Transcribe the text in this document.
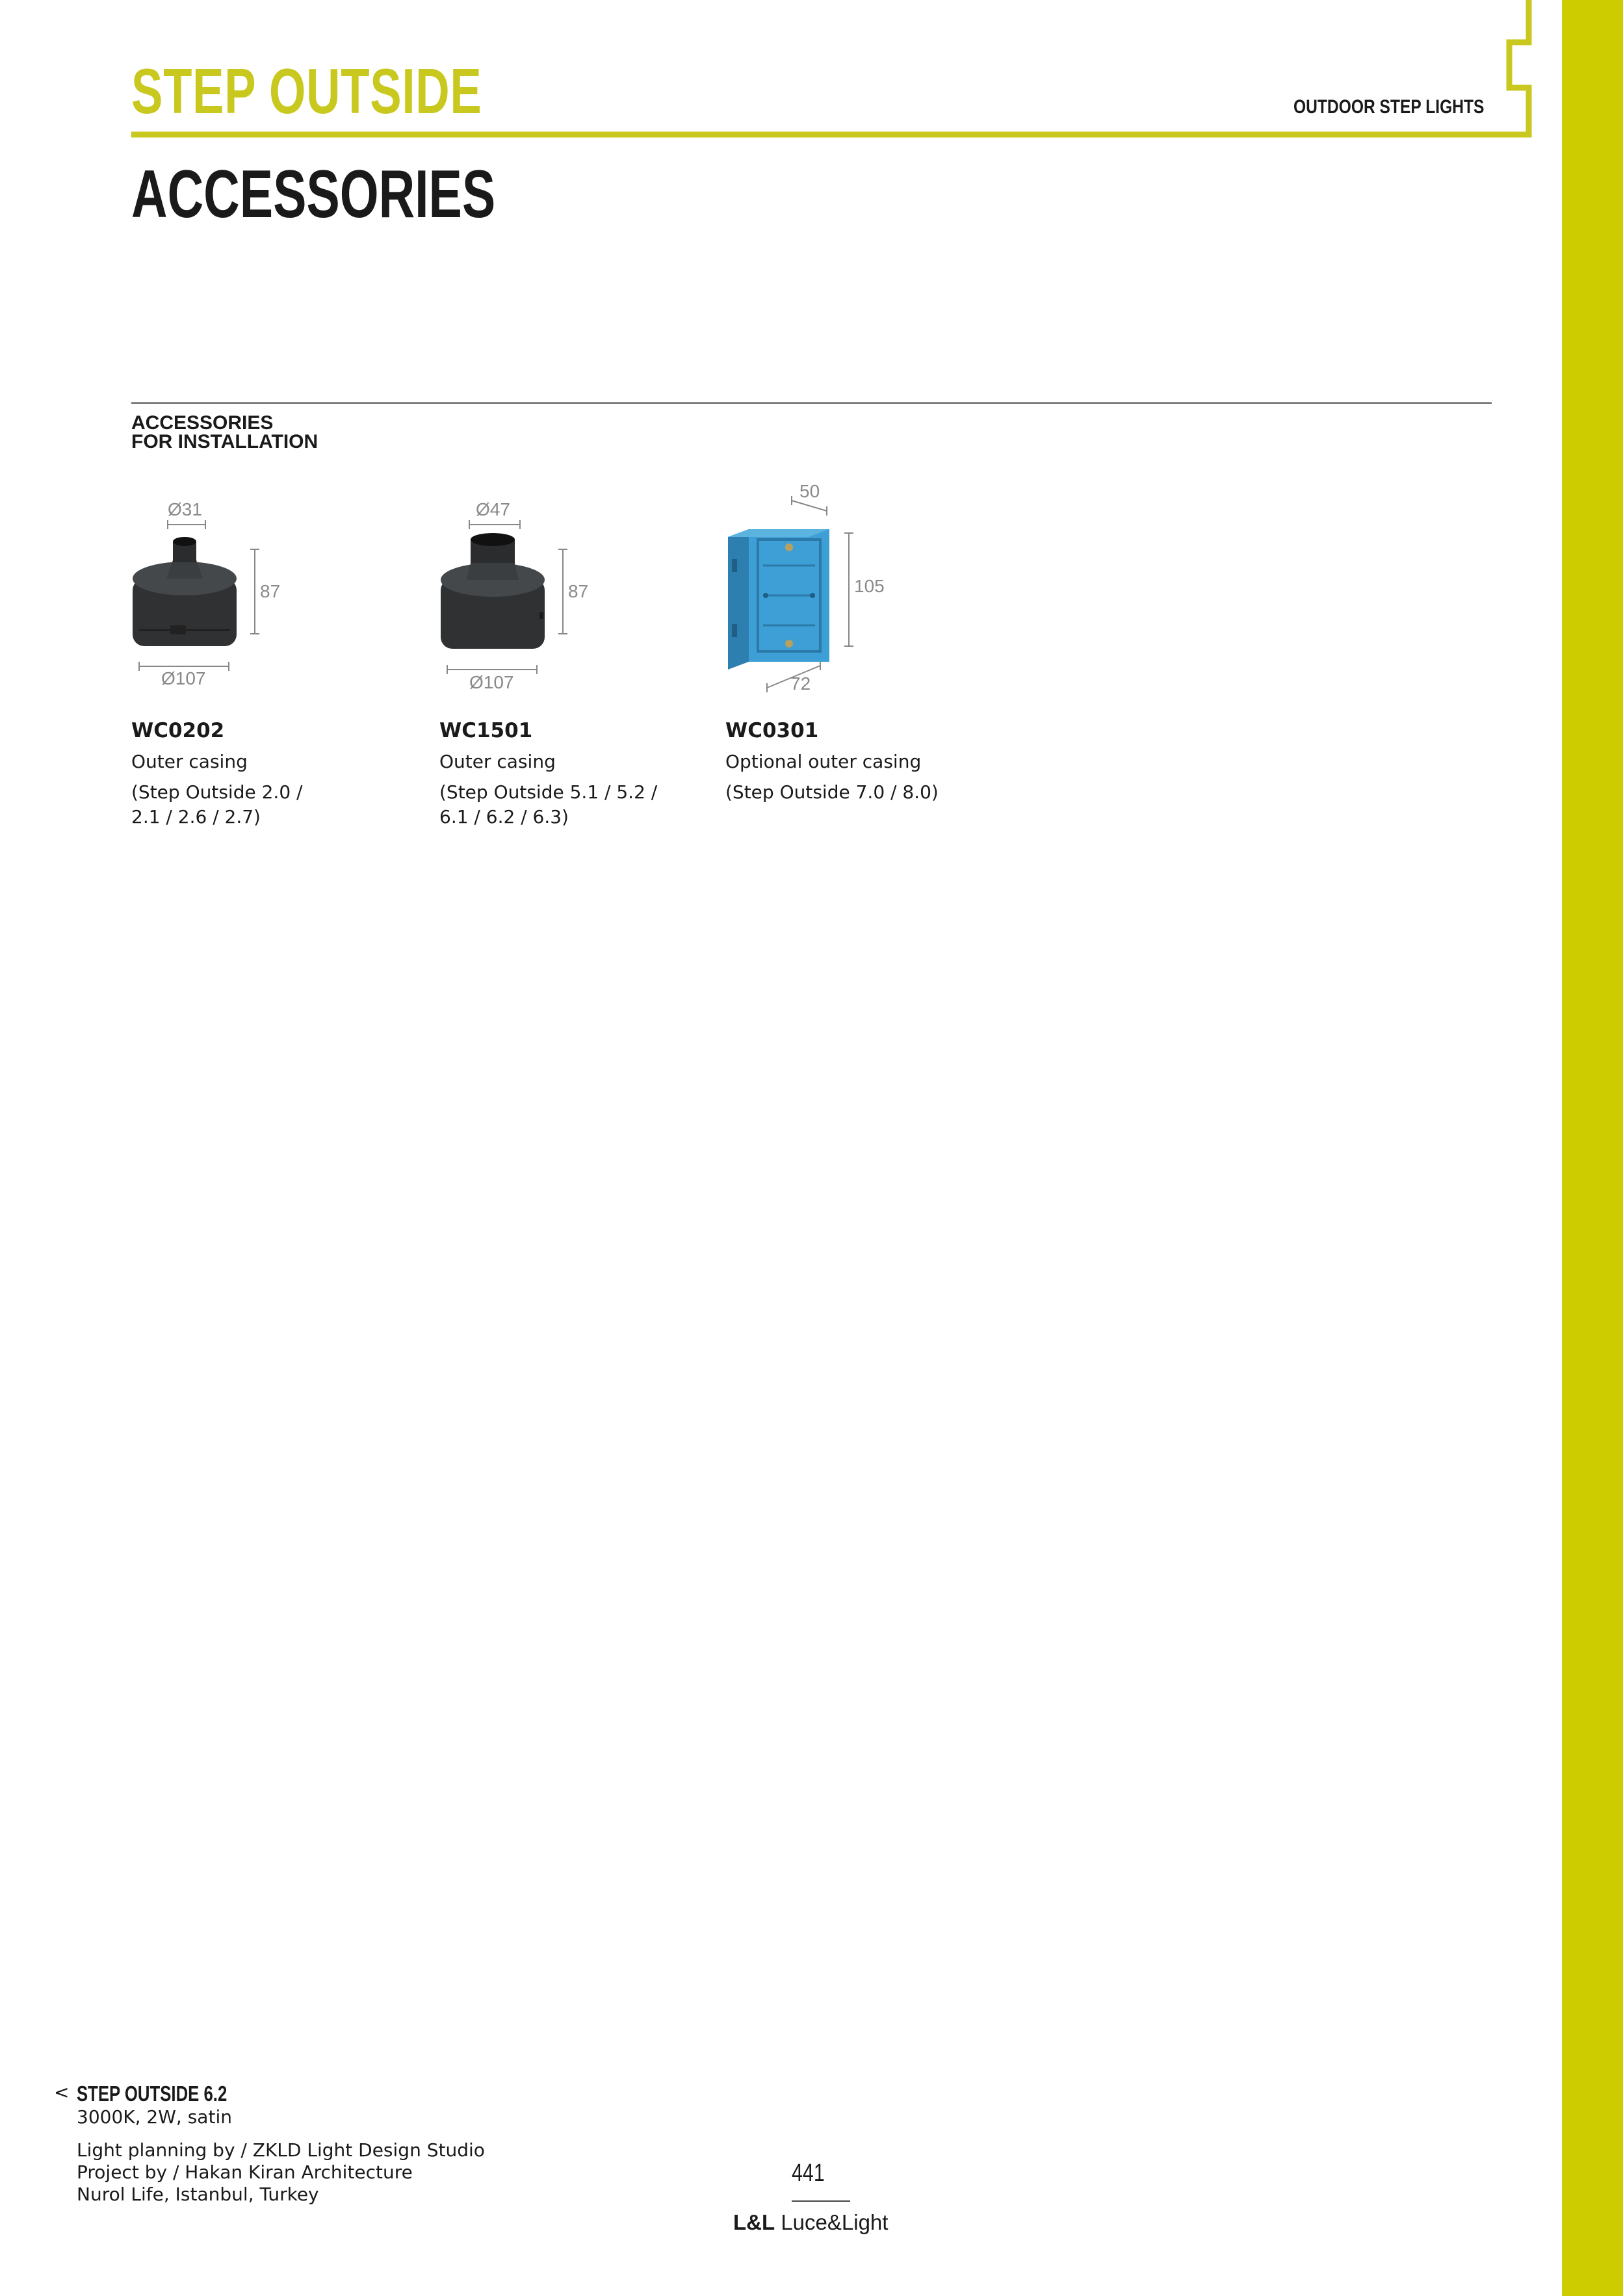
STEP OUTSIDE	OUTDOOR STEP LIGHTS
ACCESSORIES
ACCESSORIES
FOR INSTALLATION
Ø31
87
Ø107
WC0202
Outer casing
(Step Outside 2.0 /
2.1 / 2.6 / 2.7)
Ø47
87
Ø107
WC1501
Outer casing
(Step Outside 5.1 / 5.2 /
6.1 / 6.2 / 6.3)
50
105
72
WC0301
Optional outer casing
(Step Outside 7.0 / 8.0)
< STEP OUTSIDE 6.2
3000K, 2W, satin
Light planning by / ZKLD Light Design Studio
Project by / Hakan Kiran Architecture
Nurol Life, Istanbul, Turkey
441
L&L Luce&Light
